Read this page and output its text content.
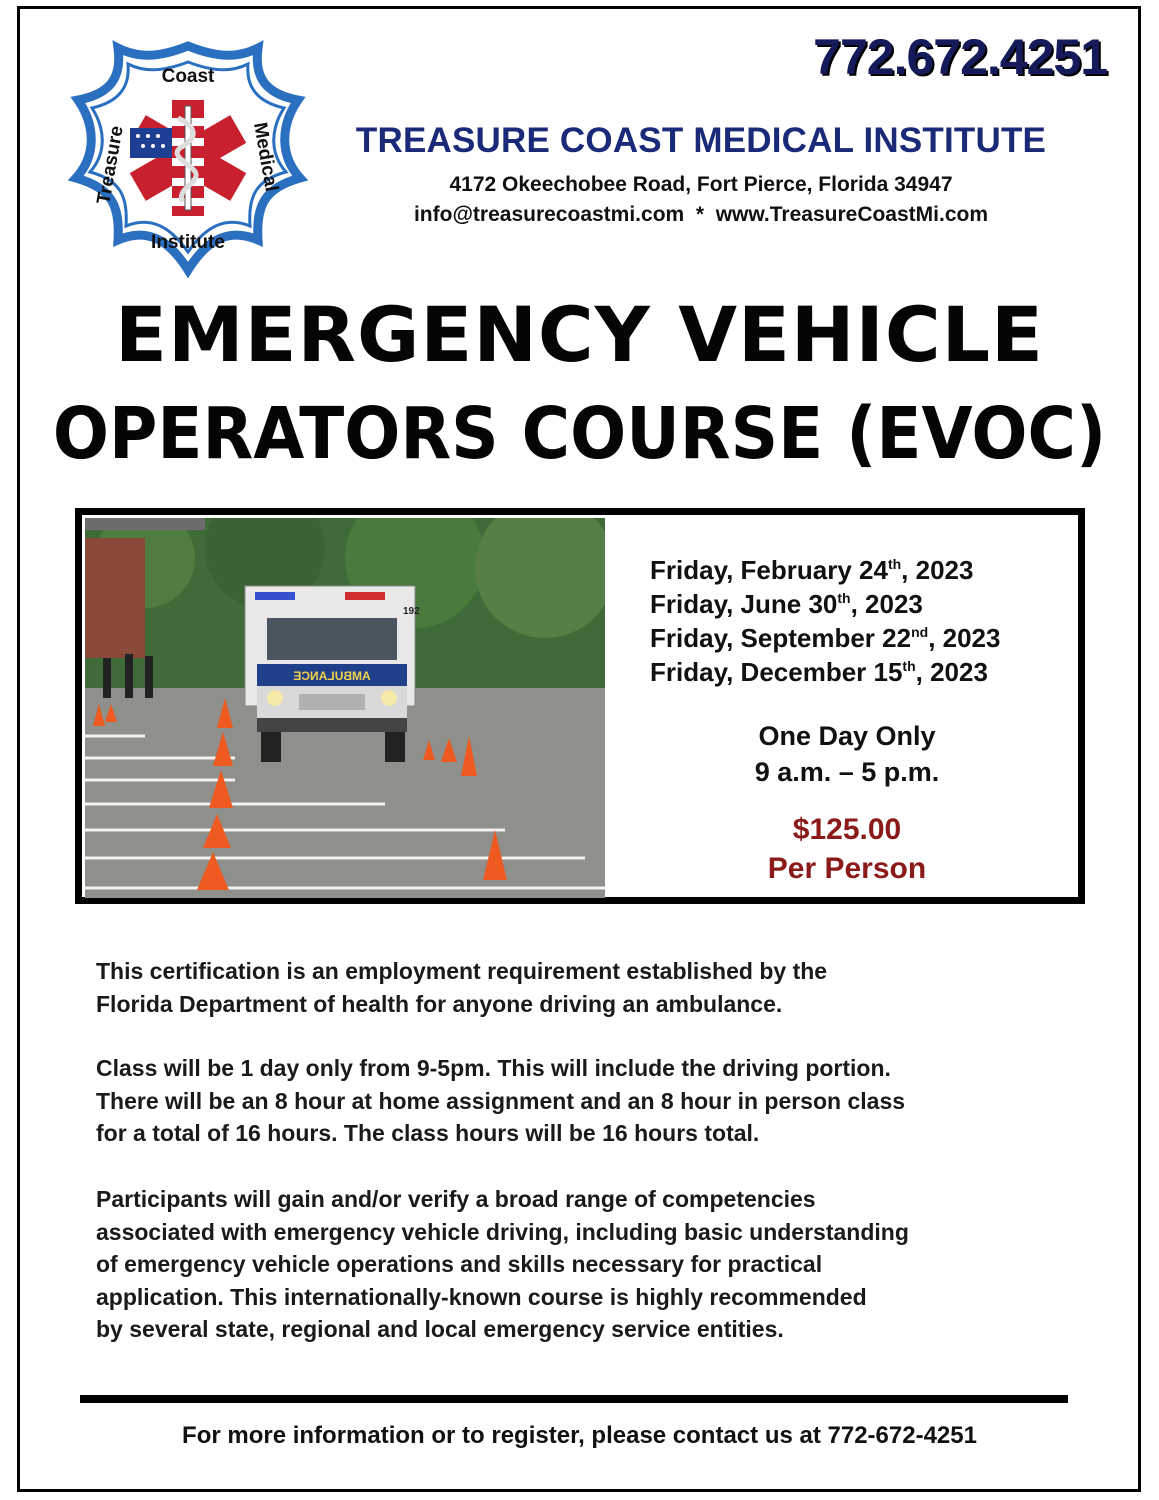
Coast
Institute
Treasure	Medical
772.672.4251
TREASURE COAST MEDICAL INSTITUTE
4172 Okeechobee Road, Fort Pierce, Florida 34947
info@treasurecoastmi.com  *  www.TreasureCoastMi.com
EMERGENCY VEHICLE
OPERATORS COURSE (EVOC)
192
AMBULANCE
Friday, February 24th, 2023
Friday, June 30th, 2023
Friday, September 22nd, 2023
Friday, December 15th, 2023
One Day Only
9 a.m. – 5 p.m.
$125.00
Per Person
This certification is an employment requirement established by the
Florida Department of health for anyone driving an ambulance.
Class will be 1 day only from 9-5pm. This will include the driving portion.
There will be an 8 hour at home assignment and an 8 hour in person class
for a total of 16 hours. The class hours will be 16 hours total.
Participants will gain and/or verify a broad range of competencies
associated with emergency vehicle driving, including basic understanding
of emergency vehicle operations and skills necessary for practical
application. This internationally-known course is highly recommended
by several state, regional and local emergency service entities.
For more information or to register, please contact us at 772-672-4251
